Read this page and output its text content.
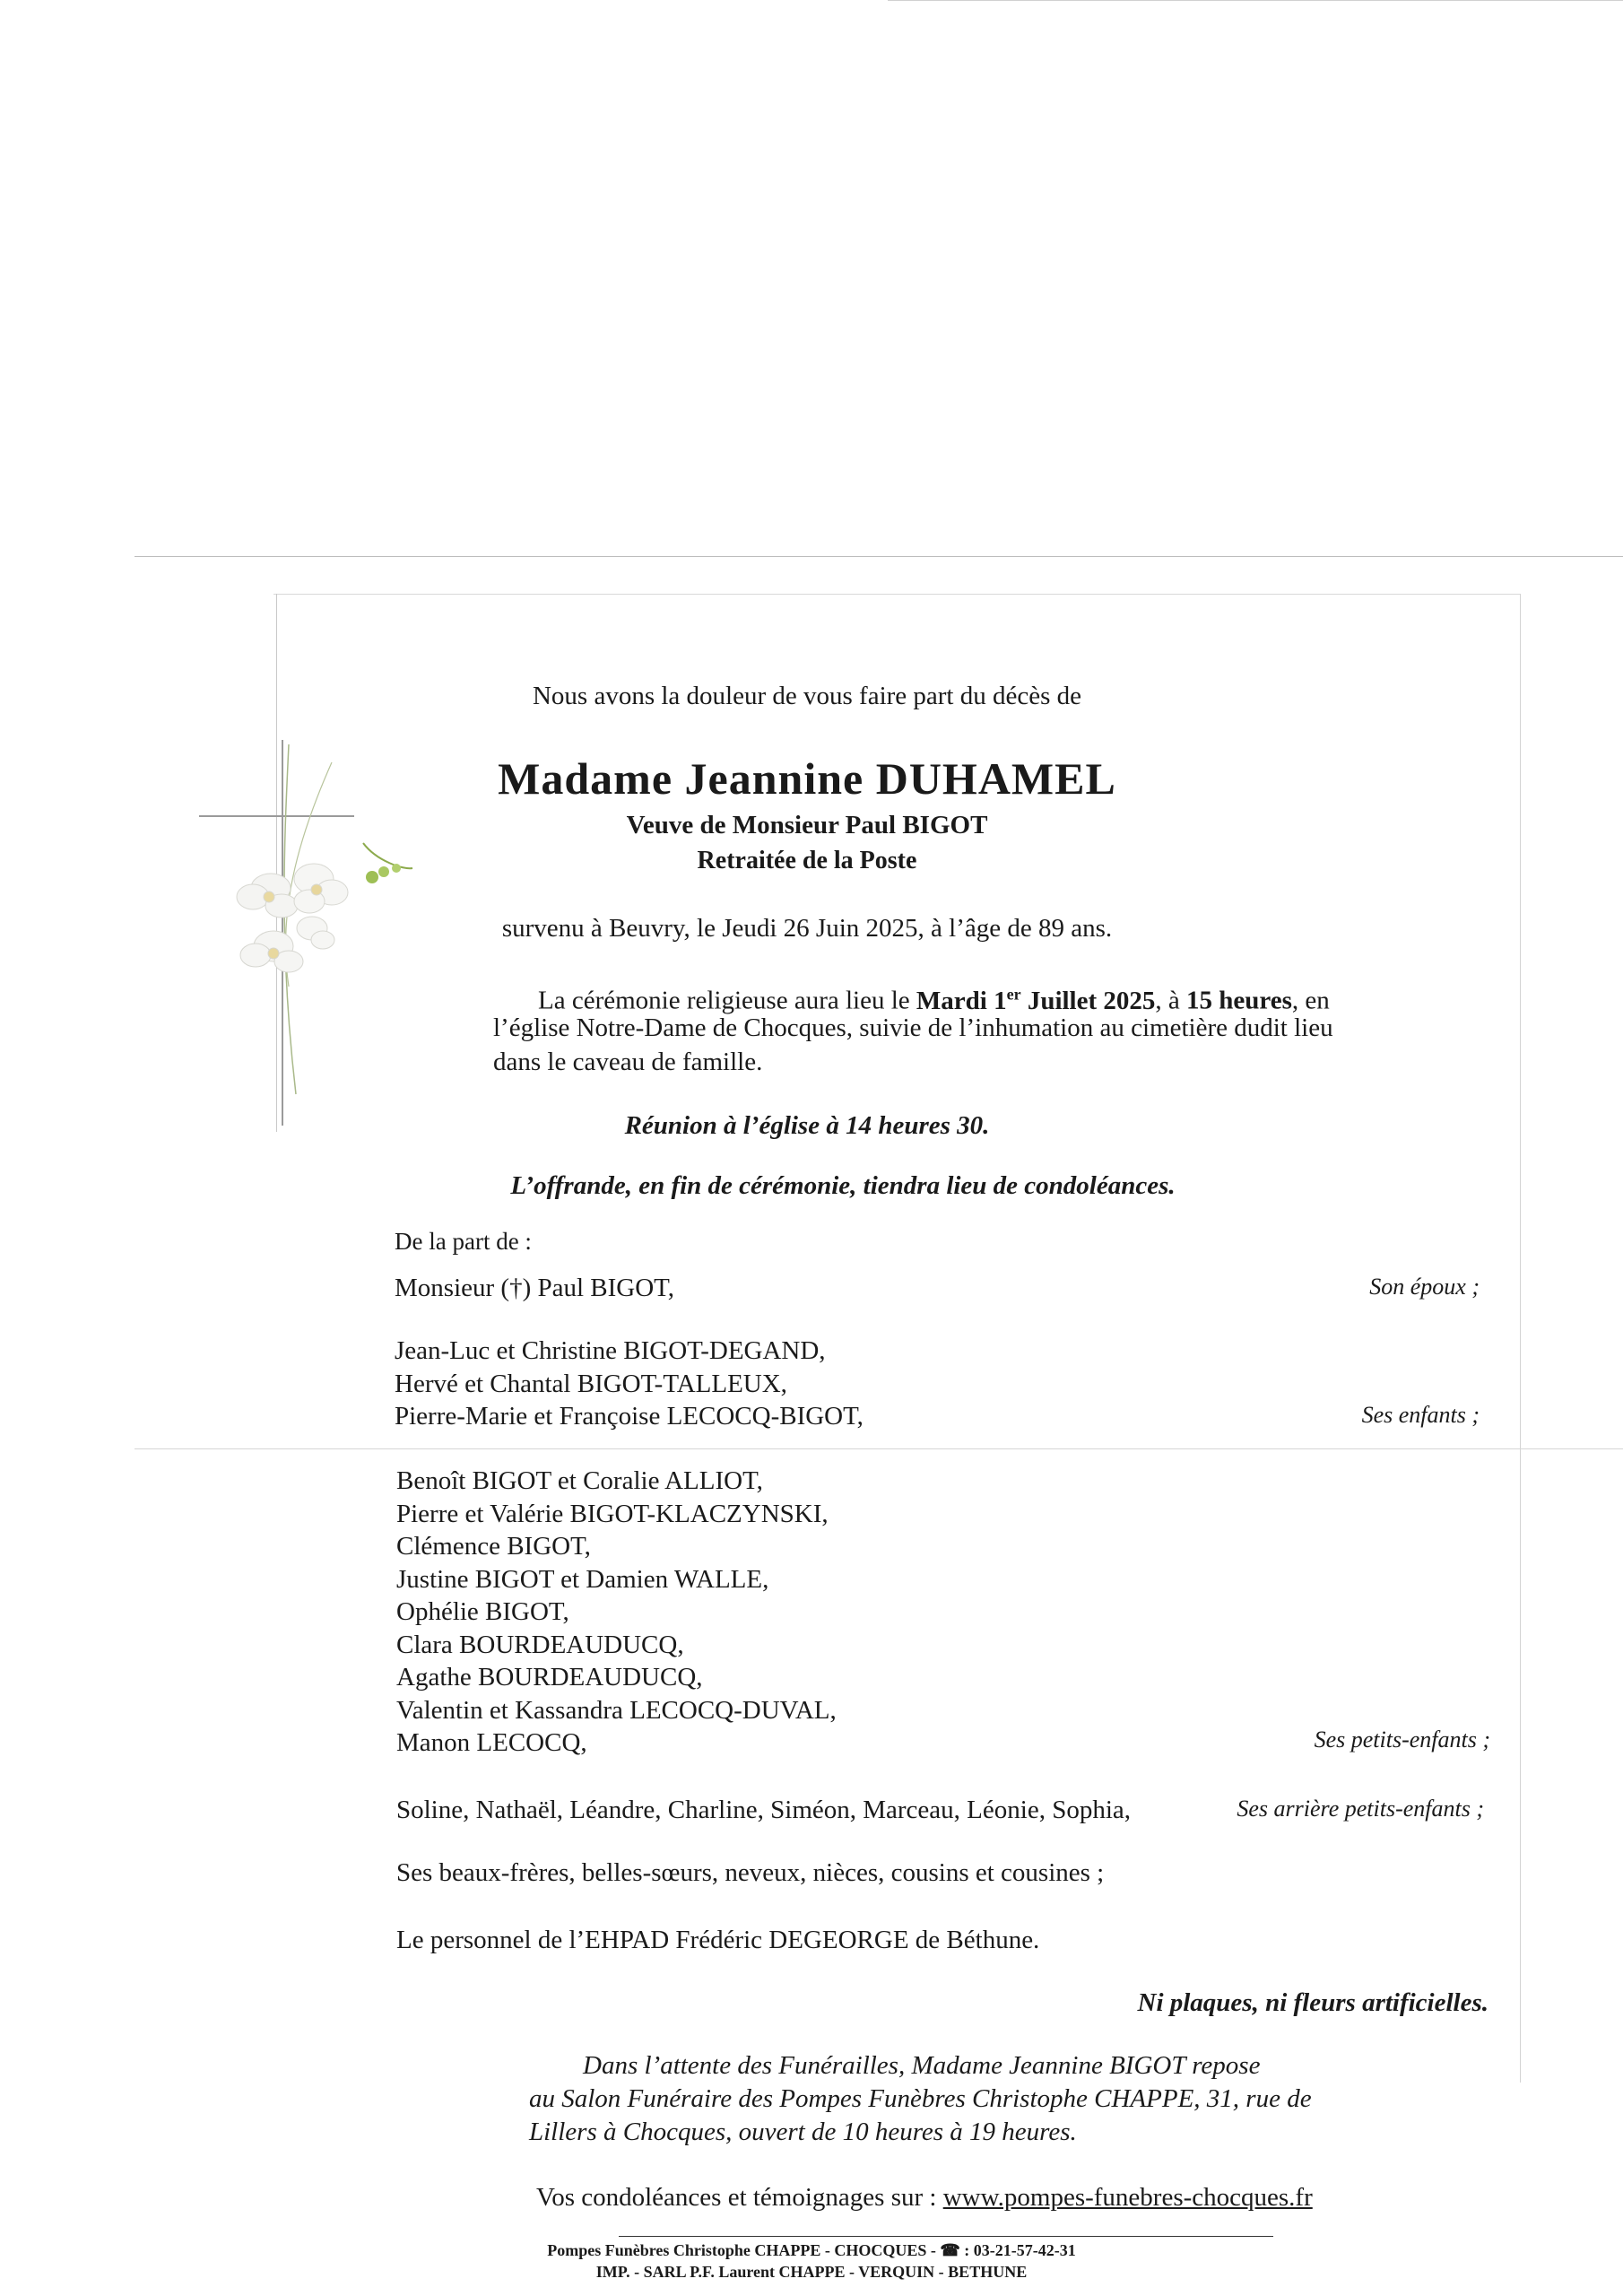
Nous avons la douleur de vous faire part du décès de
Madame Jeannine DUHAMEL
Veuve de Monsieur Paul BIGOT
Retraitée de la Poste
survenu à Beuvry, le Jeudi 26 Juin 2025, à l’âge de 89 ans.
La cérémonie religieuse aura lieu le Mardi 1er Juillet 2025, à 15 heures, en
l’église Notre-Dame de Chocques, suivie de l’inhumation au cimetière dudit lieu
dans le caveau de famille.
Réunion à l’église à 14 heures 30.
L’offrande, en fin de cérémonie, tiendra lieu de condoléances.
De la part de :
Monsieur (†) Paul BIGOT,	Son époux ;
Jean-Luc et Christine BIGOT-DEGAND,
Hervé et Chantal BIGOT-TALLEUX,
Pierre-Marie et Françoise LECOCQ-BIGOT,	Ses enfants ;
Benoît BIGOT et Coralie ALLIOT,
Pierre et Valérie BIGOT-KLACZYNSKI,
Clémence BIGOT,
Justine BIGOT et Damien WALLE,
Ophélie BIGOT,
Clara BOURDEAUDUCQ,
Agathe BOURDEAUDUCQ,
Valentin et Kassandra LECOCQ-DUVAL,
Manon LECOCQ,	Ses petits-enfants ;
Soline, Nathaël, Léandre, Charline, Siméon, Marceau, Léonie, Sophia,	Ses arrière petits-enfants ;
Ses beaux-frères, belles-sœurs, neveux, nièces, cousins et cousines ;
Le personnel de l’EHPAD Frédéric DEGEORGE de Béthune.
Ni plaques, ni fleurs artificielles.
Dans l’attente des Funérailles, Madame Jeannine BIGOT repose
au Salon Funéraire des Pompes Funèbres Christophe CHAPPE, 31, rue de
Lillers à Chocques, ouvert de 10 heures à 19 heures.
Vos condoléances et témoignages sur : www.pompes-funebres-chocques.fr
Pompes Funèbres Christophe CHAPPE - CHOCQUES - ☎ : 03-21-57-42-31
IMP. - SARL P.F. Laurent CHAPPE - VERQUIN - BETHUNE
